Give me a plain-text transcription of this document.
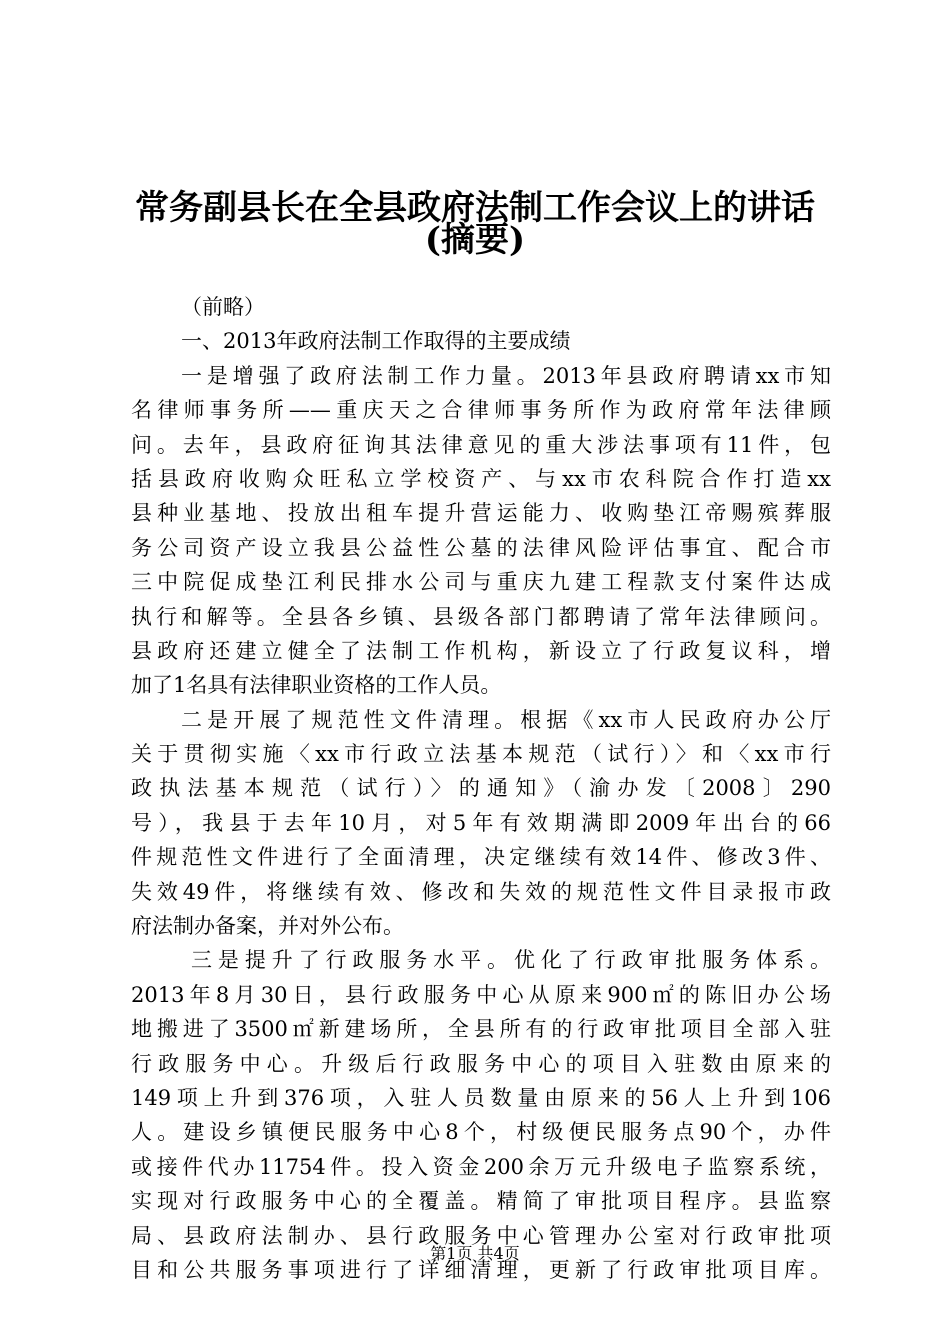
常务副县长在全县政府法制工作会议上的讲话
(摘要)
（前略）
一、2013年政府法制工作取得的主要成绩
一是增强了政府法制工作力量。2013年县政府聘请xx市知
名律师事务所——重庆天之合律师事务所作为政府常年法律顾
问。去年，县政府征询其法律意见的重大涉法事项有11件，包
括县政府收购众旺私立学校资产、与xx市农科院合作打造xx
县种业基地、投放出租车提升营运能力、收购垫江帝赐殡葬服
务公司资产设立我县公益性公墓的法律风险评估事宜、配合市
三中院促成垫江利民排水公司与重庆九建工程款支付案件达成
执行和解等。全县各乡镇、县级各部门都聘请了常年法律顾问。
县政府还建立健全了法制工作机构，新设立了行政复议科，增
加了1名具有法律职业资格的工作人员。
二是开展了规范性文件清理。根据《xx市人民政府办公厅
关于贯彻实施〈xx市行政立法基本规范（试行）〉和〈xx市行
政执法基本规范（试行）〉的通知》（渝办发〔2008〕290
号），我县于去年10月，对5年有效期满即2009年出台的66
件规范性文件进行了全面清理，决定继续有效14件、修改3件、
失效49件，将继续有效、修改和失效的规范性文件目录报市政
府法制办备案，并对外公布。
三是提升了行政服务水平。优化了行政审批服务体系。
2013年8月30日，县行政服务中心从原来900㎡的陈旧办公场
地搬进了3500㎡新建场所，全县所有的行政审批项目全部入驻
行政服务中心。升级后行政服务中心的项目入驻数由原来的
149项上升到376项，入驻人员数量由原来的56人上升到106
人。建设乡镇便民服务中心8个，村级便民服务点90个，办件
或接件代办11754件。投入资金200余万元升级电子监察系统，
实现对行政服务中心的全覆盖。精简了审批项目程序。县监察
局、县政府法制办、县行政服务中心管理办公室对行政审批项
目和公共服务事项进行了详细清理，更新了行政审批项目库。
第1页 共4页
